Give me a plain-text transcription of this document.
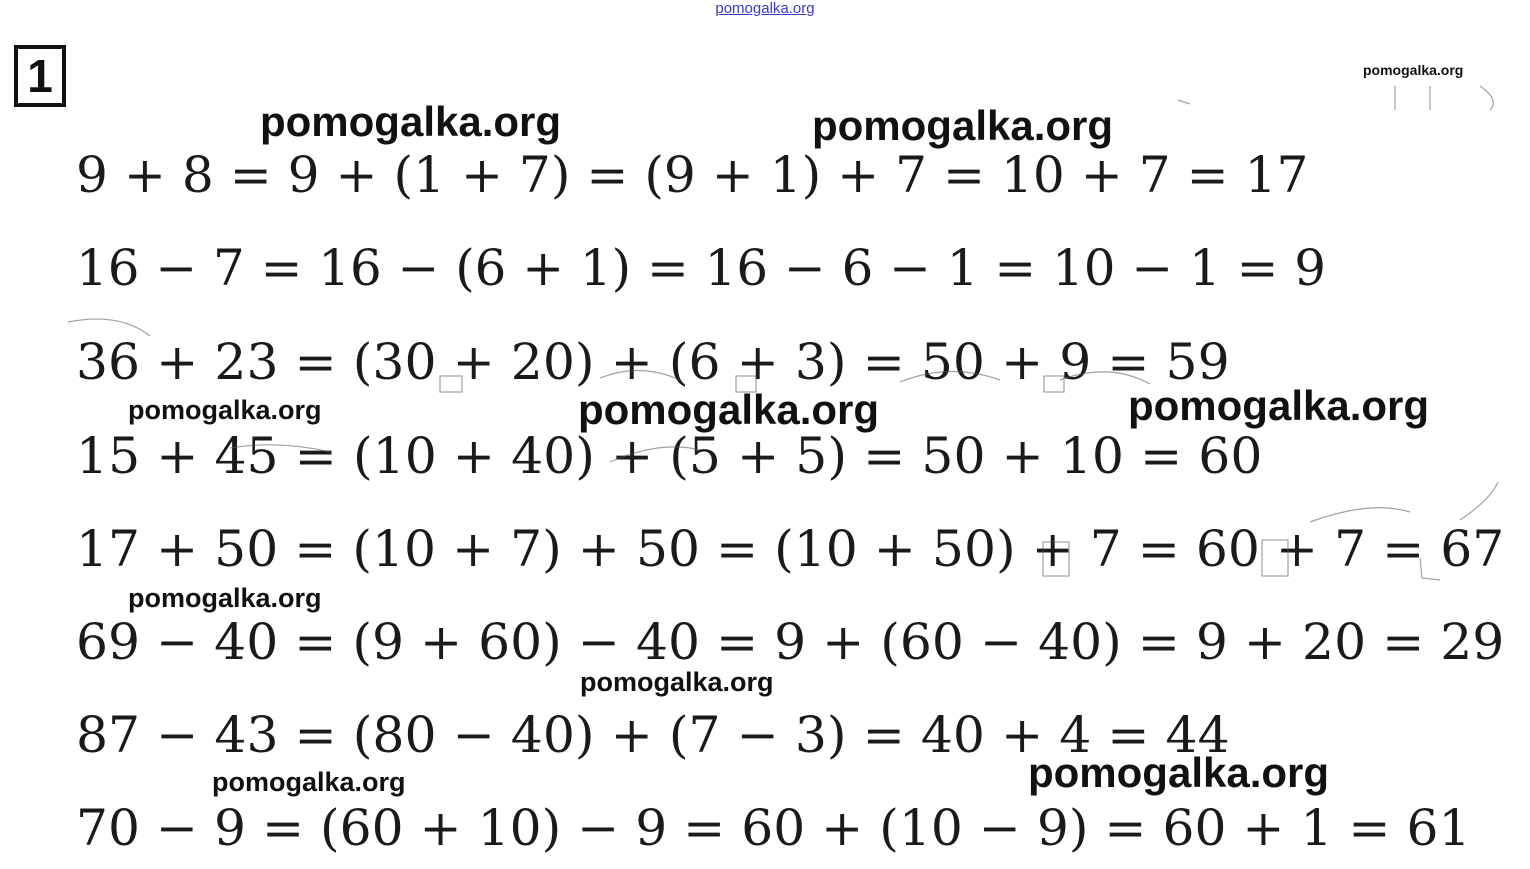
pomogalka.org
1
9 + 8 = 9 + (1 + 7) = (9 + 1) + 7 = 10 + 7 = 17
16 − 7 = 16 − (6 + 1) = 16 − 6 − 1 = 10 − 1 = 9
36 + 23 = (30 + 20) + (6 + 3) = 50 + 9 = 59
15 + 45 = (10 + 40) + (5 + 5) = 50 + 10 = 60
17 + 50 = (10 + 7) + 50 = (10 + 50) + 7 = 60 + 7 = 67
69 − 40 = (9 + 60) − 40 = 9 + (60 − 40) = 9 + 20 = 29
87 − 43 = (80 − 40) + (7 − 3) = 40 + 4 = 44
70 − 9 = (60 + 10) − 9 = 60 + (10 − 9) = 60 + 1 = 61
pomogalka.org	pomogalka.org
pomogalka.org
pomogalka.org	pomogalka.org	pomogalka.org
pomogalka.org
pomogalka.org
pomogalka.org	pomogalka.org
